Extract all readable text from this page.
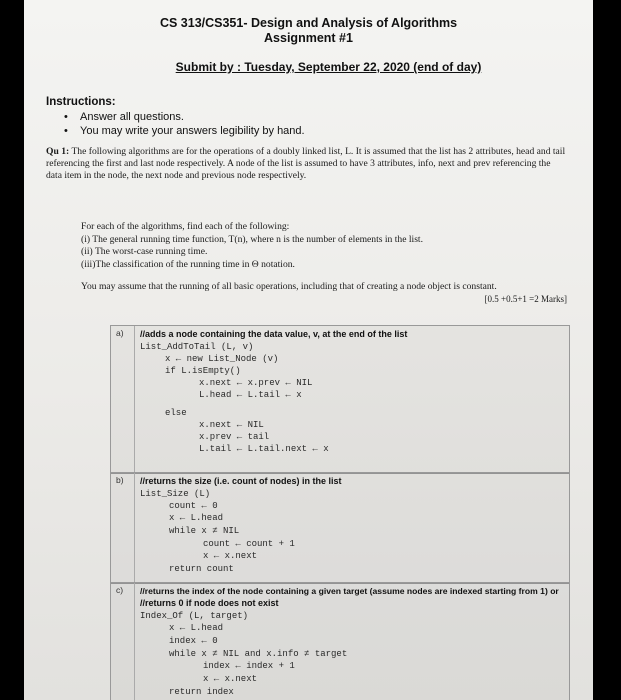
CS 313/CS351- Design and Analysis of Algorithms
Assignment #1
Submit by : Tuesday, September 22, 2020 (end of day)
Instructions:
• Answer all questions.
• You may write your answers legibility by hand.
Qu 1: The following algorithms are for the operations of a doubly linked list, L. It is assumed that the list has 2 attributes, head and tail referencing the first and last node respectively. A node of the list is assumed to have 3 attributes, info, next and prev referencing the data item in the node, the next node and previous node respectively.
For each of the algorithms, find each of the following:
(i) The general running time function, T(n), where n is the number of elements in the list.
(ii) The worst-case running time.
(iii)The classification of the running time in Θ notation.
You may assume that the running of all basic operations, including that of creating a node object is constant.
[0.5 +0.5+1 =2 Marks]
a)	//adds a node containing the data value, v, at the end of the list
List_AddToTail (L, v)
x ← new List_Node (v)
if L.isEmpty()
x.next ← x.prev ← NIL
L.head ← L.tail ← x
else
x.next ← NIL
x.prev ← tail
L.tail ← L.tail.next ← x
b)	//returns the size (i.e. count of nodes) in the list
List_Size (L)
count ← 0
x ← L.head
while x ≠ NIL
count ← count + 1
x ← x.next
return count
c)	//returns the index of the node containing a given target (assume nodes are indexed starting from 1) or
//returns 0 if node does not exist
Index_Of (L, target)
x ← L.head
index ← 0
while x ≠ NIL and x.info ≠ target
index ← index + 1
x ← x.next
return index
